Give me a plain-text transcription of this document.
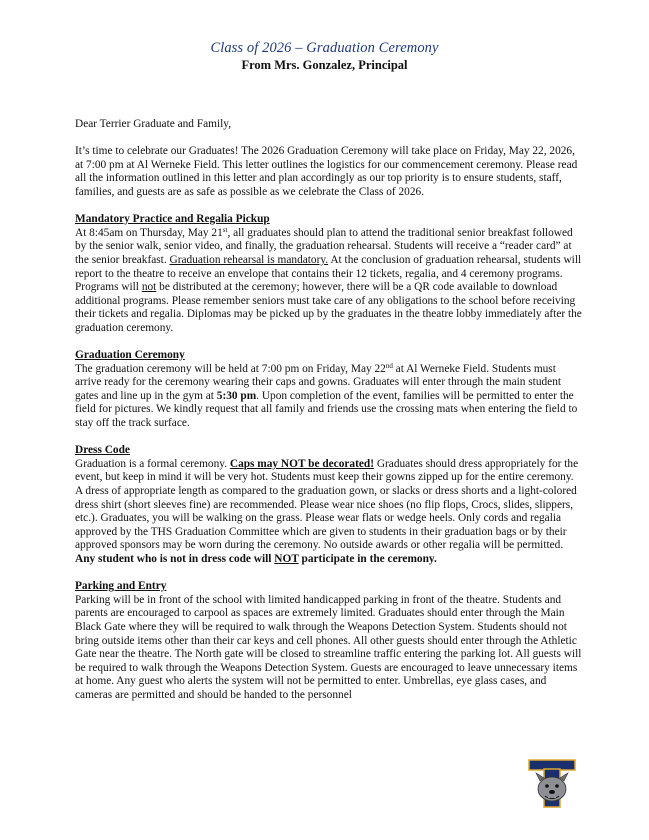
Class of 2026 – Graduation Ceremony
From Mrs. Gonzalez, Principal

Dear Terrier Graduate and Family,

It’s time to celebrate our Graduates! The 2026 Graduation Ceremony will take place on Friday, May 22, 2026, at 7:00 pm at Al Werneke Field. This letter outlines the logistics for our commencement ceremony. Please read all the information outlined in this letter and plan accordingly as our top priority is to ensure students, staff, families, and guests are as safe as possible as we celebrate the Class of 2026.

Mandatory Practice and Regalia Pickup

At 8:45am on Thursday, May 21st, all graduates should plan to attend the traditional senior breakfast followed by the senior walk, senior video, and finally, the graduation rehearsal. Students will receive a “reader card” at the senior breakfast. Graduation rehearsal is mandatory. At the conclusion of graduation rehearsal, students will report to the theatre to receive an envelope that contains their 12 tickets, regalia, and 4 ceremony programs. Programs will not be distributed at the ceremony; however, there will be a QR code available to download additional programs. Please remember seniors must take care of any obligations to the school before receiving their tickets and regalia. Diplomas may be picked up by the graduates in the theatre lobby immediately after the graduation ceremony.

Graduation Ceremony

The graduation ceremony will be held at 7:00 pm on Friday, May 22nd at Al Werneke Field. Students must arrive ready for the ceremony wearing their caps and gowns. Graduates will enter through the main student gates and line up in the gym at 5:30 pm. Upon completion of the event, families will be permitted to enter the field for pictures. We kindly request that all family and friends use the crossing mats when entering the field to stay off the track surface.

Dress Code

Graduation is a formal ceremony. Caps may NOT be decorated! Graduates should dress appropriately for the event, but keep in mind it will be very hot. Students must keep their gowns zipped up for the entire ceremony. A dress of appropriate length as compared to the graduation gown, or slacks or dress shorts and a light-colored dress shirt (short sleeves fine) are recommended. Please wear nice shoes (no flip flops, Crocs, slides, slippers, etc.). Graduates, you will be walking on the grass. Please wear flats or wedge heels. Only cords and regalia approved by the THS Graduation Committee which are given to students in their graduation bags or by their approved sponsors may be worn during the ceremony. No outside awards or other regalia will be permitted. Any student who is not in dress code will NOT participate in the ceremony.

Parking and Entry

Parking will be in front of the school with limited handicapped parking in front of the theatre. Students and parents are encouraged to carpool as spaces are extremely limited. Graduates should enter through the Main Black Gate where they will be required to walk through the Weapons Detection System. Students should not bring outside items other than their car keys and cell phones. All other guests should enter through the Athletic Gate near the theatre. The North gate will be closed to streamline traffic entering the parking lot. All guests will be required to walk through the Weapons Detection System. Guests are encouraged to leave unnecessary items at home. Any guest who alerts the system will not be permitted to enter. Umbrellas, eye glass cases, and cameras are permitted and should be handed to the personnel
